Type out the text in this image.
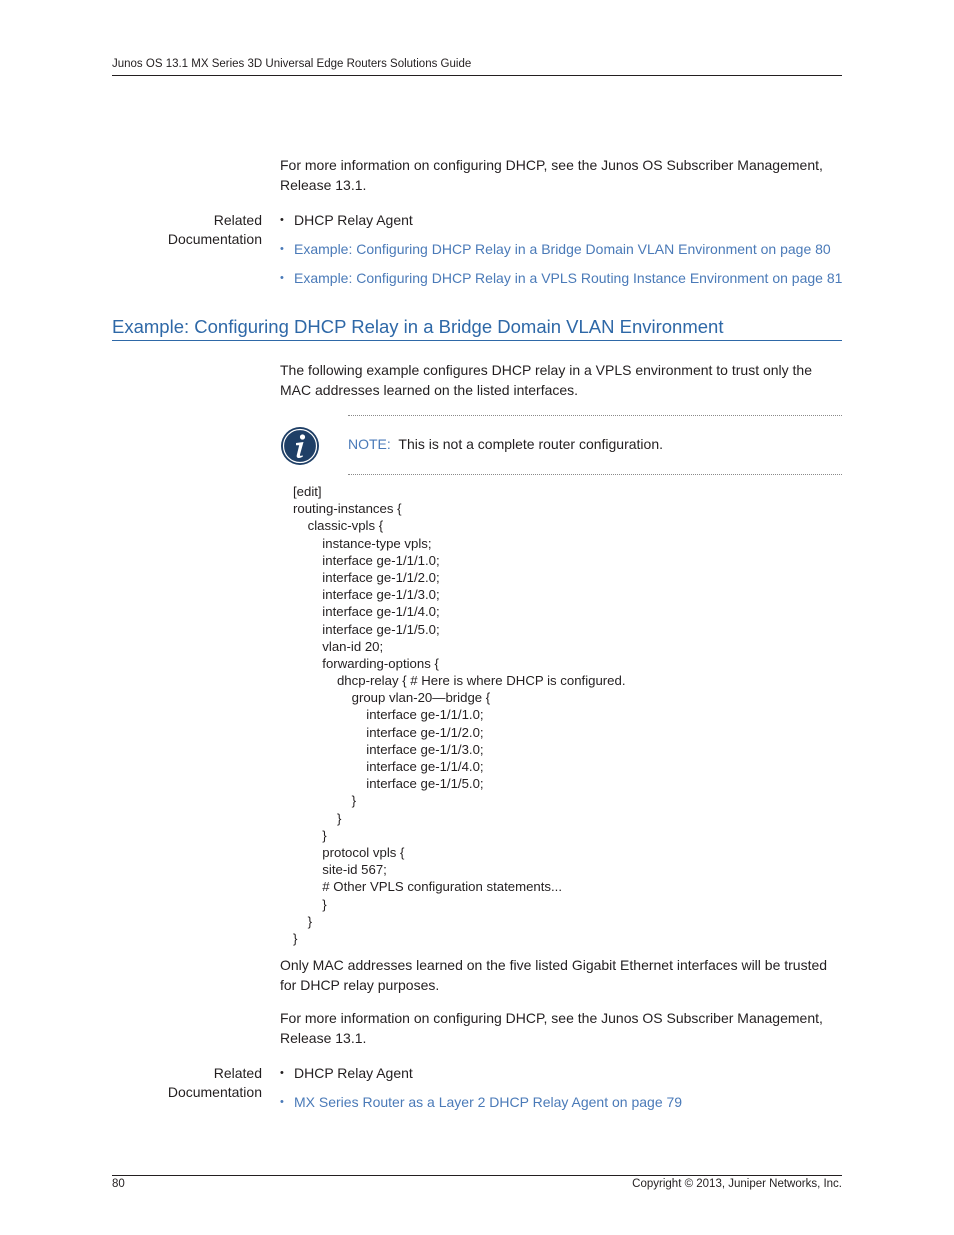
Junos OS 13.1 MX Series 3D Universal Edge Routers Solutions Guide
For more information on configuring DHCP, see the Junos OS Subscriber Management, Release 13.1.
Related
Documentation
• DHCP Relay Agent
• Example: Configuring DHCP Relay in a Bridge Domain VLAN Environment on page 80
• Example: Configuring DHCP Relay in a VPLS Routing Instance Environment on page 81
Example: Configuring DHCP Relay in a Bridge Domain VLAN Environment
The following example configures DHCP relay in a VPLS environment to trust only the MAC addresses learned on the listed interfaces.
NOTE: This is not a complete router configuration.
[edit]
routing-instances {
classic-vpls {
instance-type vpls;
interface ge-1/1/1.0;
interface ge-1/1/2.0;
interface ge-1/1/3.0;
interface ge-1/1/4.0;
interface ge-1/1/5.0;
vlan-id 20;
forwarding-options {
dhcp-relay { # Here is where DHCP is configured.
group vlan-20—bridge {
interface ge-1/1/1.0;
interface ge-1/1/2.0;
interface ge-1/1/3.0;
interface ge-1/1/4.0;
interface ge-1/1/5.0;
}
}
}
protocol vpls {
site-id 567;
# Other VPLS configuration statements...
}
}
}
Only MAC addresses learned on the five listed Gigabit Ethernet interfaces will be trusted for DHCP relay purposes.
For more information on configuring DHCP, see the Junos OS Subscriber Management, Release 13.1.
Related
Documentation
• DHCP Relay Agent
• MX Series Router as a Layer 2 DHCP Relay Agent on page 79
80	Copyright © 2013, Juniper Networks, Inc.
